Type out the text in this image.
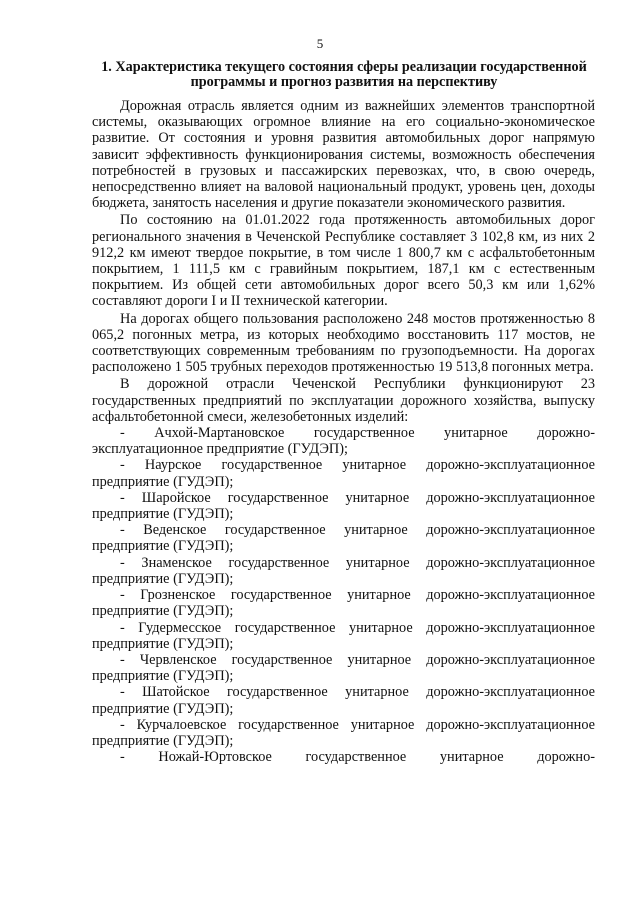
5
1. Характеристика текущего состояния сферы реализации государственной программы и прогноз развития на перспективу

Дорожная отрасль является одним из важнейших элементов транспортной системы, оказывающих огромное влияние на его социально-экономическое развитие. От состояния и уровня развития автомобильных дорог напрямую зависит эффективность функционирования системы, возможность обеспечения потребностей в грузовых и пассажирских перевозках, что, в свою очередь, непосредственно влияет на валовой национальный продукт, уровень цен, доходы бюджета, занятость населения и другие показатели экономического развития.

По состоянию на 01.01.2022 года протяженность автомобильных дорог регионального значения в Чеченской Республике составляет 3 102,8 км, из них 2 912,2 км имеют твердое покрытие, в том числе 1 800,7 км с асфальтобетонным покрытием, 1 111,5 км с гравийным покрытием, 187,1 км с естественным покрытием. Из общей сети автомобильных дорог всего 50,3 км или 1,62% составляют дороги I и II технической категории.

На дорогах общего пользования расположено 248 мостов протяженностью 8 065,2 погонных метра, из которых необходимо восстановить 117 мостов, не соответствующих современным требованиям по грузоподъемности. На дорогах расположено 1 505 трубных переходов протяженностью 19 513,8 погонных метра.

В дорожной отрасли Чеченской Республики функционируют 23 государственных предприятий по эксплуатации дорожного хозяйства, выпуску асфальтобетонной смеси, железобетонных изделий:

- Ачхой-Мартановское государственное унитарное дорожно-эксплуатационное предприятие (ГУДЭП);
- Наурское государственное унитарное дорожно-эксплуатационное предприятие (ГУДЭП);
- Шаройское государственное унитарное дорожно-эксплуатационное предприятие (ГУДЭП);
- Веденское государственное унитарное дорожно-эксплуатационное предприятие (ГУДЭП);
- Знаменское государственное унитарное дорожно-эксплуатационное предприятие (ГУДЭП);
- Грозненское государственное унитарное дорожно-эксплуатационное предприятие (ГУДЭП);
- Гудермесское государственное унитарное дорожно-эксплуатационное предприятие (ГУДЭП);
- Червленское государственное унитарное дорожно-эксплуатационное предприятие (ГУДЭП);
- Шатойское государственное унитарное дорожно-эксплуатационное предприятие (ГУДЭП);
- Курчалоевское государственное унитарное дорожно-эксплуатационное предприятие (ГУДЭП);
- Ножай-Юртовское государственное унитарное дорожно-
